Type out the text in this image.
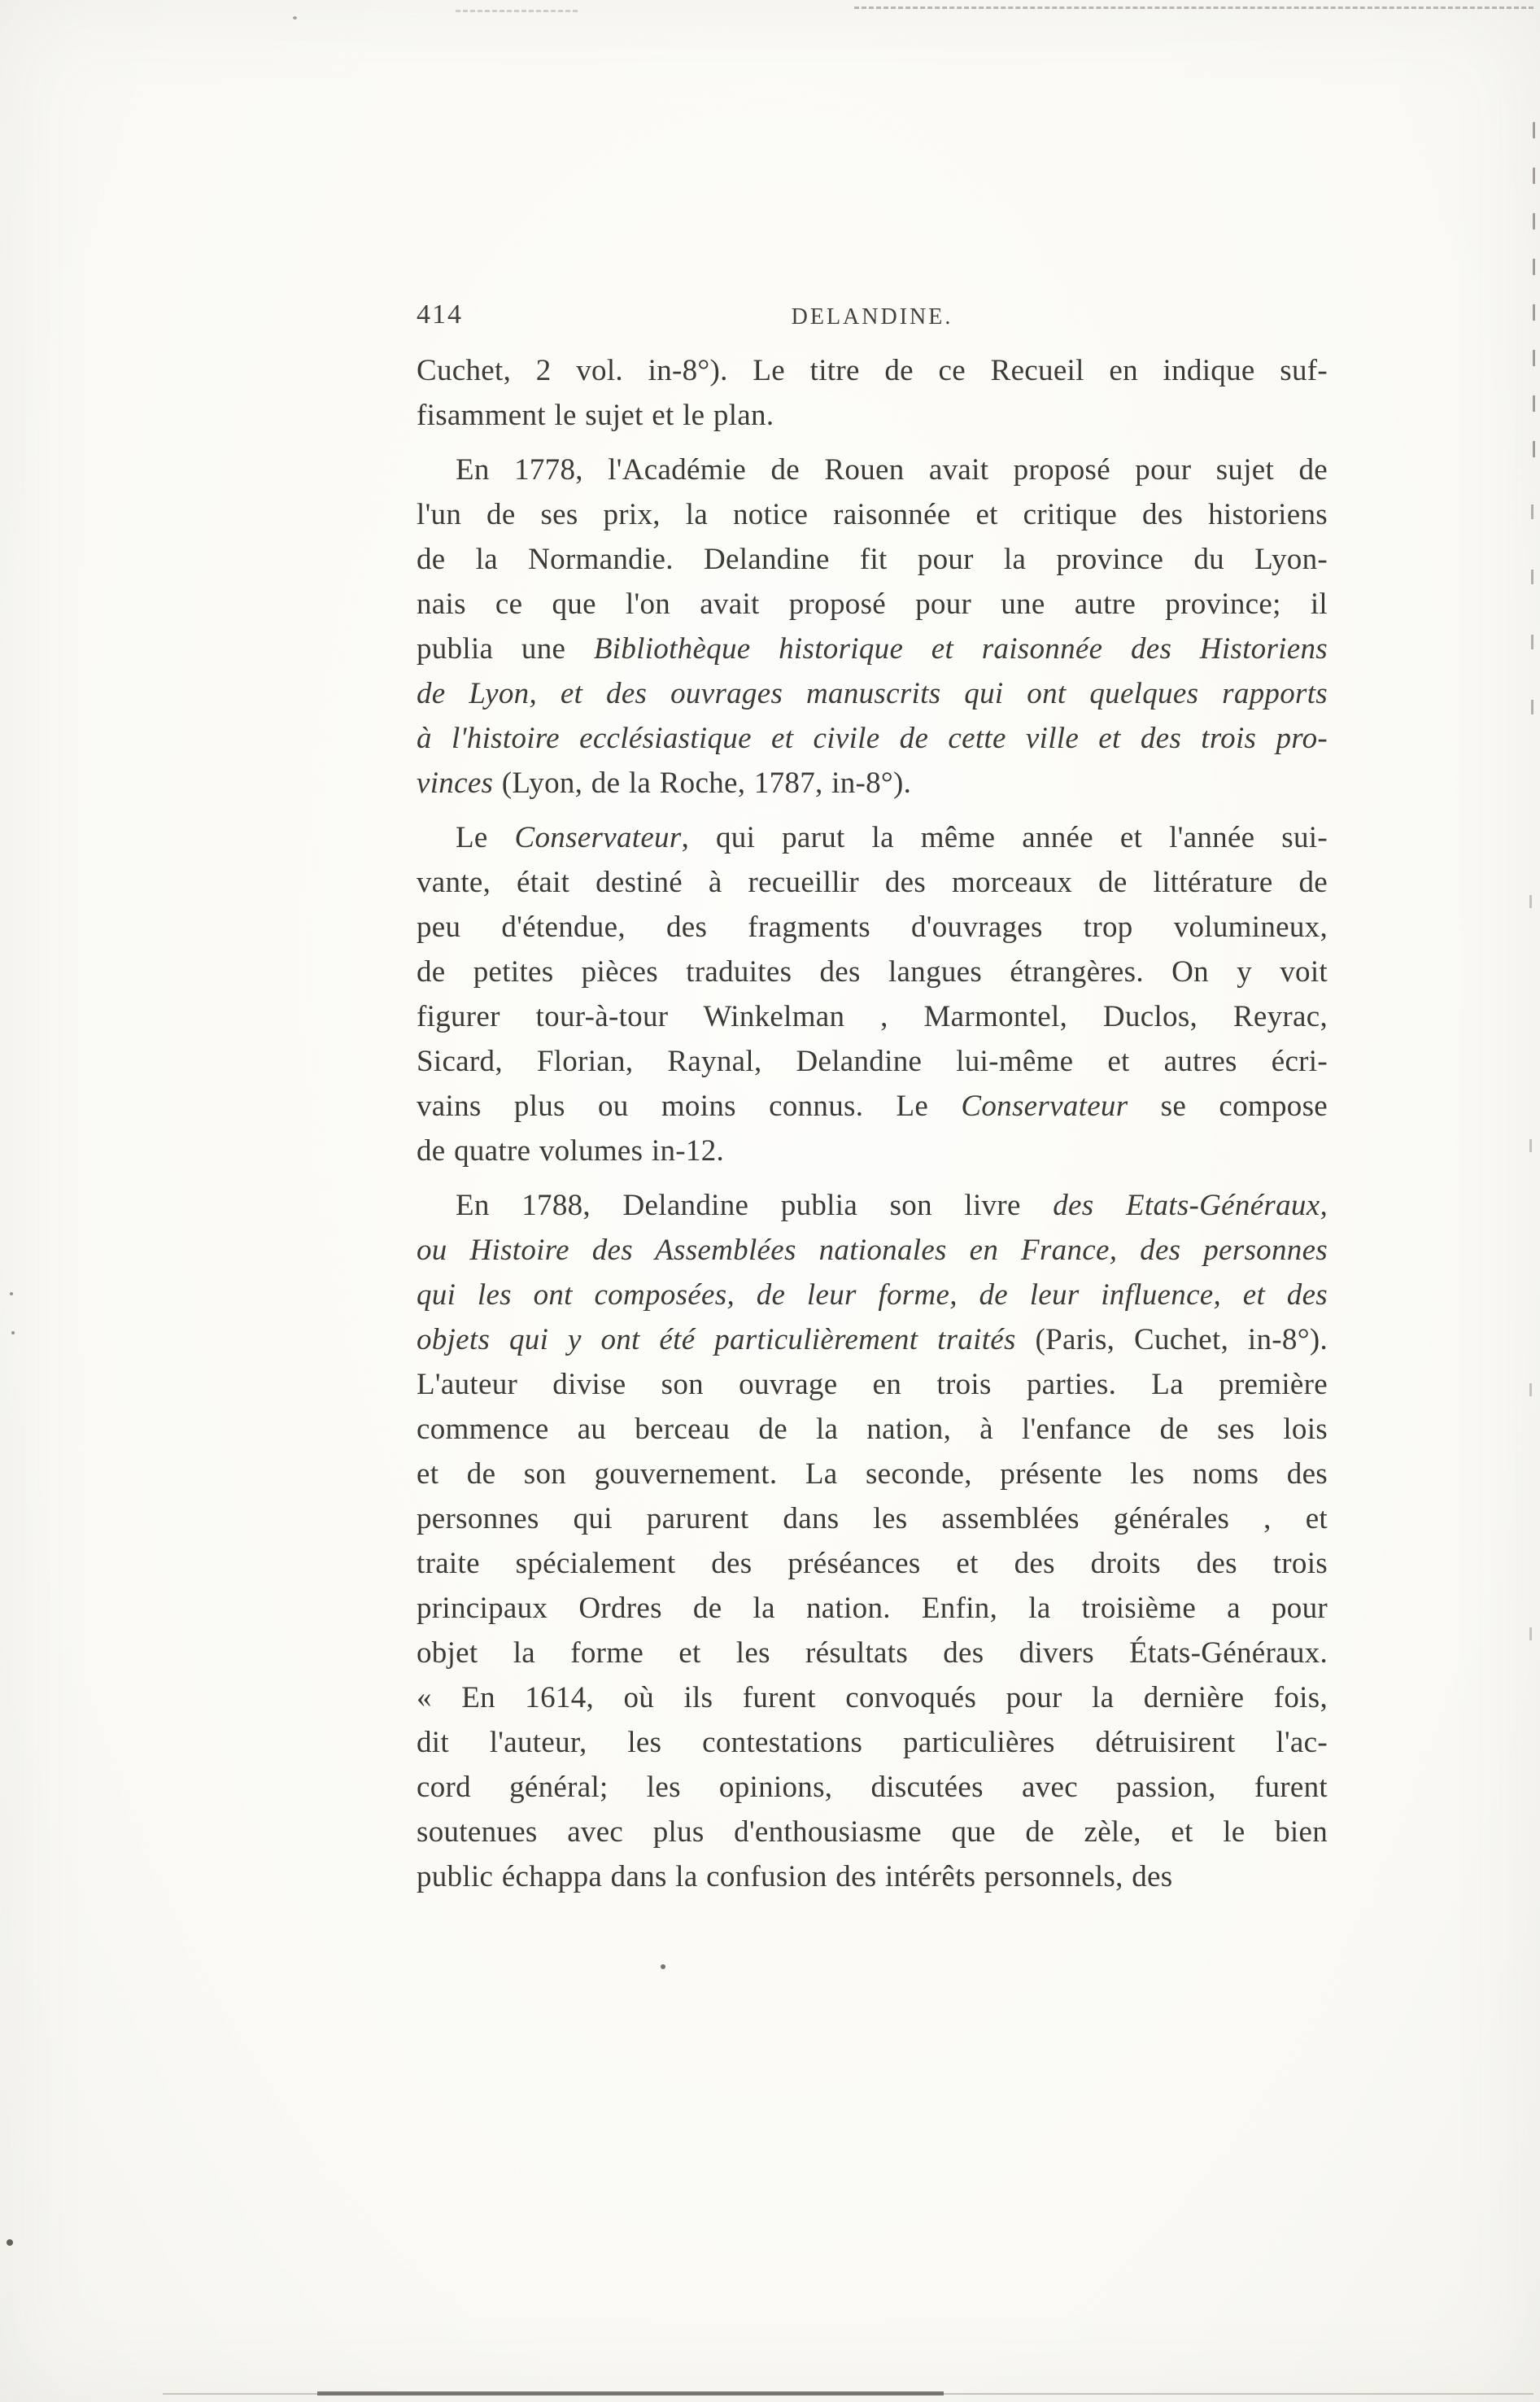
414	DELANDINE.
Cuchet, 2 vol. in-8°). Le titre de ce Recueil en indique suf-
fisamment le sujet et le plan.
En 1778, l'Académie de Rouen avait proposé pour sujet de
l'un de ses prix, la notice raisonnée et critique des historiens
de la Normandie. Delandine fit pour la province du Lyon-
nais ce que l'on avait proposé pour une autre province; il
publia une Bibliothèque historique et raisonnée des Historiens
de Lyon, et des ouvrages manuscrits qui ont quelques rapports
à l'histoire ecclésiastique et civile de cette ville et des trois pro-
vinces (Lyon, de la Roche, 1787, in-8°).
Le Conservateur, qui parut la même année et l'année sui-
vante, était destiné à recueillir des morceaux de littérature de
peu d'étendue, des fragments d'ouvrages trop volumineux,
de petites pièces traduites des langues étrangères. On y voit
figurer tour-à-tour Winkelman , Marmontel, Duclos, Reyrac,
Sicard, Florian, Raynal, Delandine lui-même et autres écri-
vains plus ou moins connus. Le Conservateur se compose
de quatre volumes in-12.
En 1788, Delandine publia son livre des Etats-Généraux,
ou Histoire des Assemblées nationales en France, des personnes
qui les ont composées, de leur forme, de leur influence, et des
objets qui y ont été particulièrement traités (Paris, Cuchet, in-8°).
L'auteur divise son ouvrage en trois parties. La première
commence au berceau de la nation, à l'enfance de ses lois
et de son gouvernement. La seconde, présente les noms des
personnes qui parurent dans les assemblées générales , et
traite spécialement des préséances et des droits des trois
principaux Ordres de la nation. Enfin, la troisième a pour
objet la forme et les résultats des divers États-Généraux.
« En 1614, où ils furent convoqués pour la dernière fois,
dit l'auteur, les contestations particulières détruisirent l'ac-
cord général; les opinions, discutées avec passion, furent
soutenues avec plus d'enthousiasme que de zèle, et le bien
public échappa dans la confusion des intérêts personnels, des
